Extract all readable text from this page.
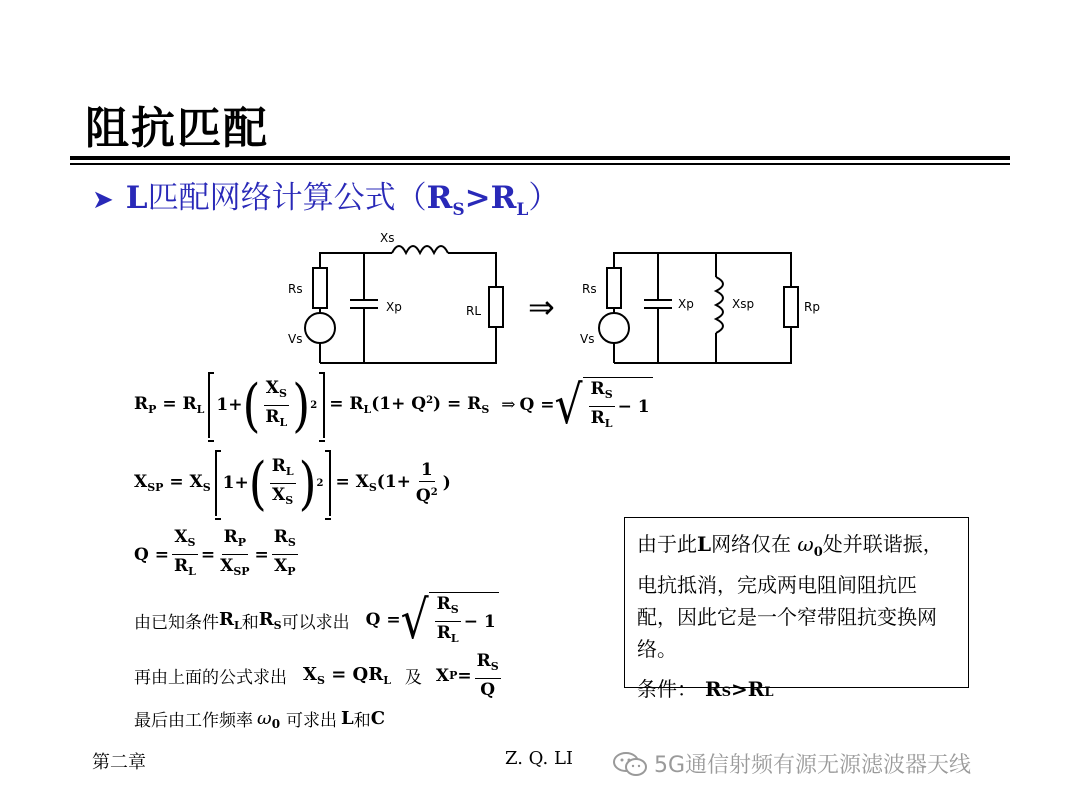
阻抗匹配
➤ L 匹配网络计算公式（ $R_S > R_L$ ）
Xs
Rs
Vs
Xp	RL ⇒ Rs
Vs
Xp	Xsp	Rp
$R_P = R_L$ 1+ ( $\frac{X_S}{R_L}$ ) $2 = R_L(1+ Q^2) = R_S$ ⇒ Q = √ $\frac{R_S}{R_L} - 1$
$X_{SP} = X_S$ 1+ ( $\frac{R_L}{X_S}$ ) $2 = X_S(1+ \frac{1}{Q^2}$ )
$Q = \frac{X_S}{R_L} = \frac{R_P}{X_{SP}} = \frac{R_S}{X_P}$
由已知条件 $R_L$ 和 $R_S$ 可以求出 Q = √ $\frac{R_S}{R_L} - 1$
再由上面的公式求出 $X_S = QR_L$ 及 X $P = \frac{R_S}{Q}$
最后由工作频率 ω 0 可求出 L 和 C
由于此L网络仅在 $\omega_0$处并联谐振，电抗抵消，完成两电阻间阻抗匹配，因此它是一个窄带阻抗变换网络。
条件： $R_S > R_L$
第二章	Z. Q. LI	5G通信射频有源无源滤波器天线
